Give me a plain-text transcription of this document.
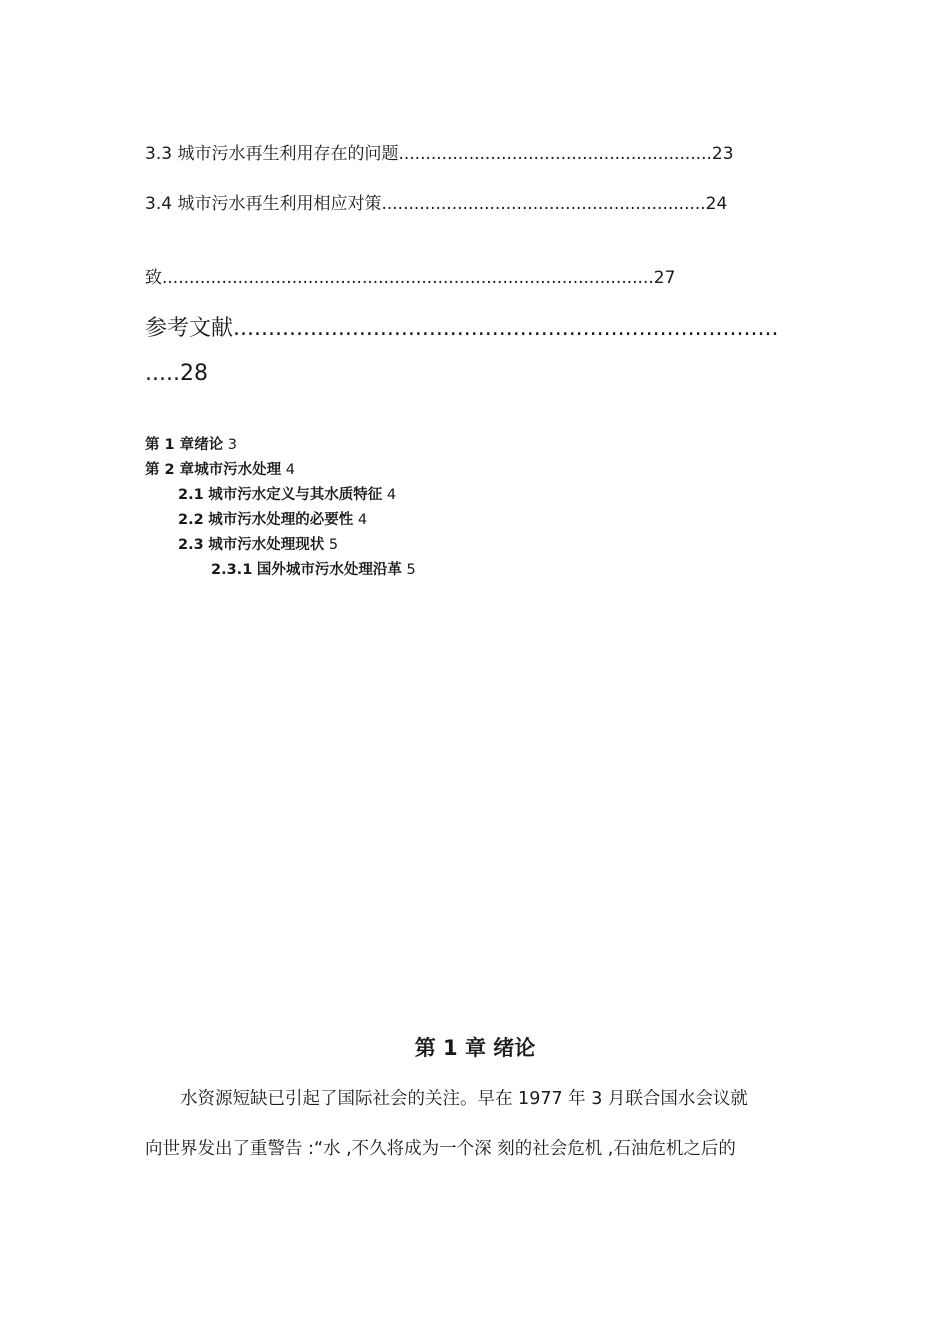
3.3 城市污水再生利用存在的问题..........................................................23
3.4 城市污水再生利用相应对策............................................................24
致...........................................................................................27
参考文献..............................................................................
.....28
第 1 章绪论 3
第 2 章城市污水处理 4
2.1 城市污水定义与其水质特征 4
2.2 城市污水处理的必要性 4
2.3 城市污水处理现状 5
2.3.1 国外城市污水处理沿革 5
第 1 章 绪论
水资源短缺已引起了国际社会的关注。早在 1977 年 3 月联合国水会议就
向世界发出了重警告 :“水 ,不久将成为一个深 刻的社会危机 ,石油危机之后的
